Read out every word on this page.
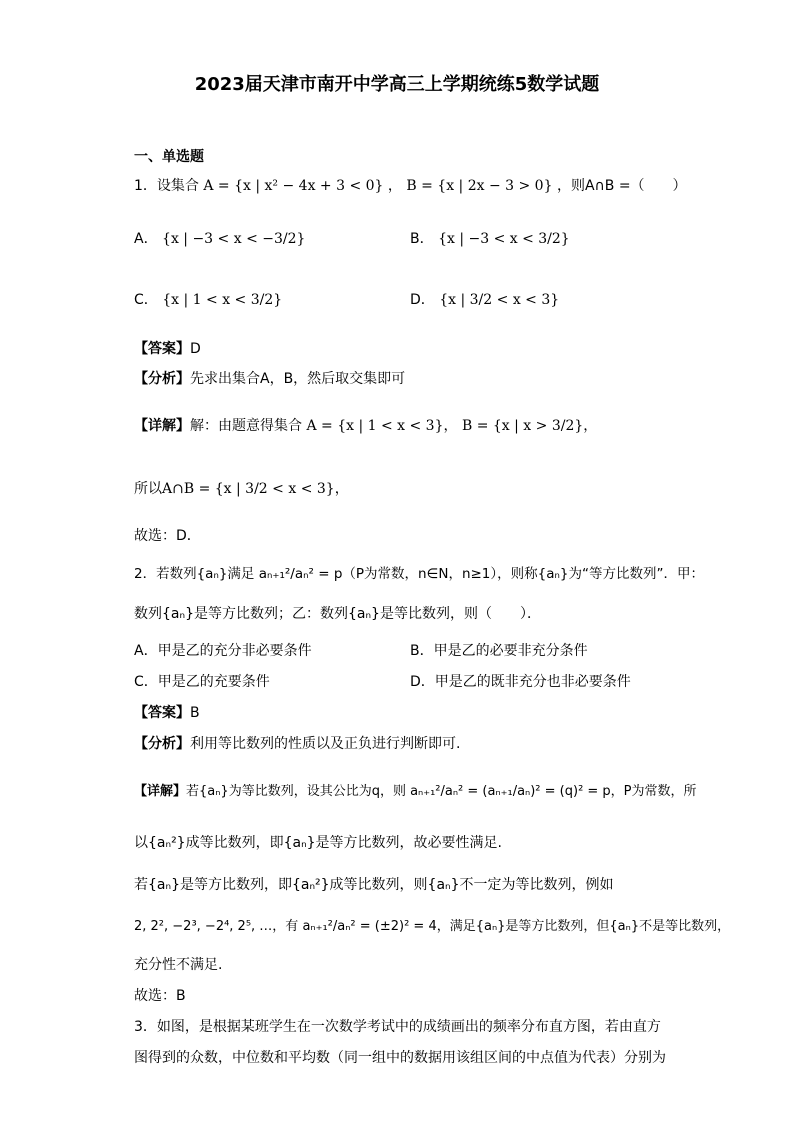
2023届天津市南开中学高三上学期统练5数学试题
一、单选题
1．设集合 A = {x | x² − 4x + 3 < 0} ， B = {x | 2x − 3 > 0} ，则A∩B =（　　）
A． {x | −3 < x < −3/2}	B． {x | −3 < x < 3/2}
C． {x | 1 < x < 3/2}	D． {x | 3/2 < x < 3}
【答案】D
【分析】先求出集合A，B，然后取交集即可
【详解】解：由题意得集合 A = {x | 1 < x < 3}， B = {x | x > 3/2}，
所以A∩B = {x | 3/2 < x < 3}，
故选：D．
2．若数列{aₙ}满足 aₙ₊₁²/aₙ² = p（P为常数，n∈N，n≥1），则称{aₙ}为“等方比数列”．甲：
数列{aₙ}是等方比数列；乙：数列{aₙ}是等比数列，则（　　）．
A．甲是乙的充分非必要条件	B．甲是乙的必要非充分条件
C．甲是乙的充要条件	D．甲是乙的既非充分也非必要条件
【答案】B
【分析】利用等比数列的性质以及正负进行判断即可.
【详解】若{aₙ}为等比数列，设其公比为q，则 aₙ₊₁²/aₙ² = (aₙ₊₁/aₙ)² = (q)² = p，P为常数，所
以{aₙ²}成等比数列，即{aₙ}是等方比数列，故必要性满足.
若{aₙ}是等方比数列，即{aₙ²}成等比数列，则{aₙ}不一定为等比数列，例如
2, 2², −2³, −2⁴, 2⁵, …，有 aₙ₊₁²/aₙ² = (±2)² = 4，满足{aₙ}是等方比数列，但{aₙ}不是等比数列，
充分性不满足.
故选：B
3．如图，是根据某班学生在一次数学考试中的成绩画出的频率分布直方图，若由直方
图得到的众数，中位数和平均数（同一组中的数据用该组区间的中点值为代表）分别为
